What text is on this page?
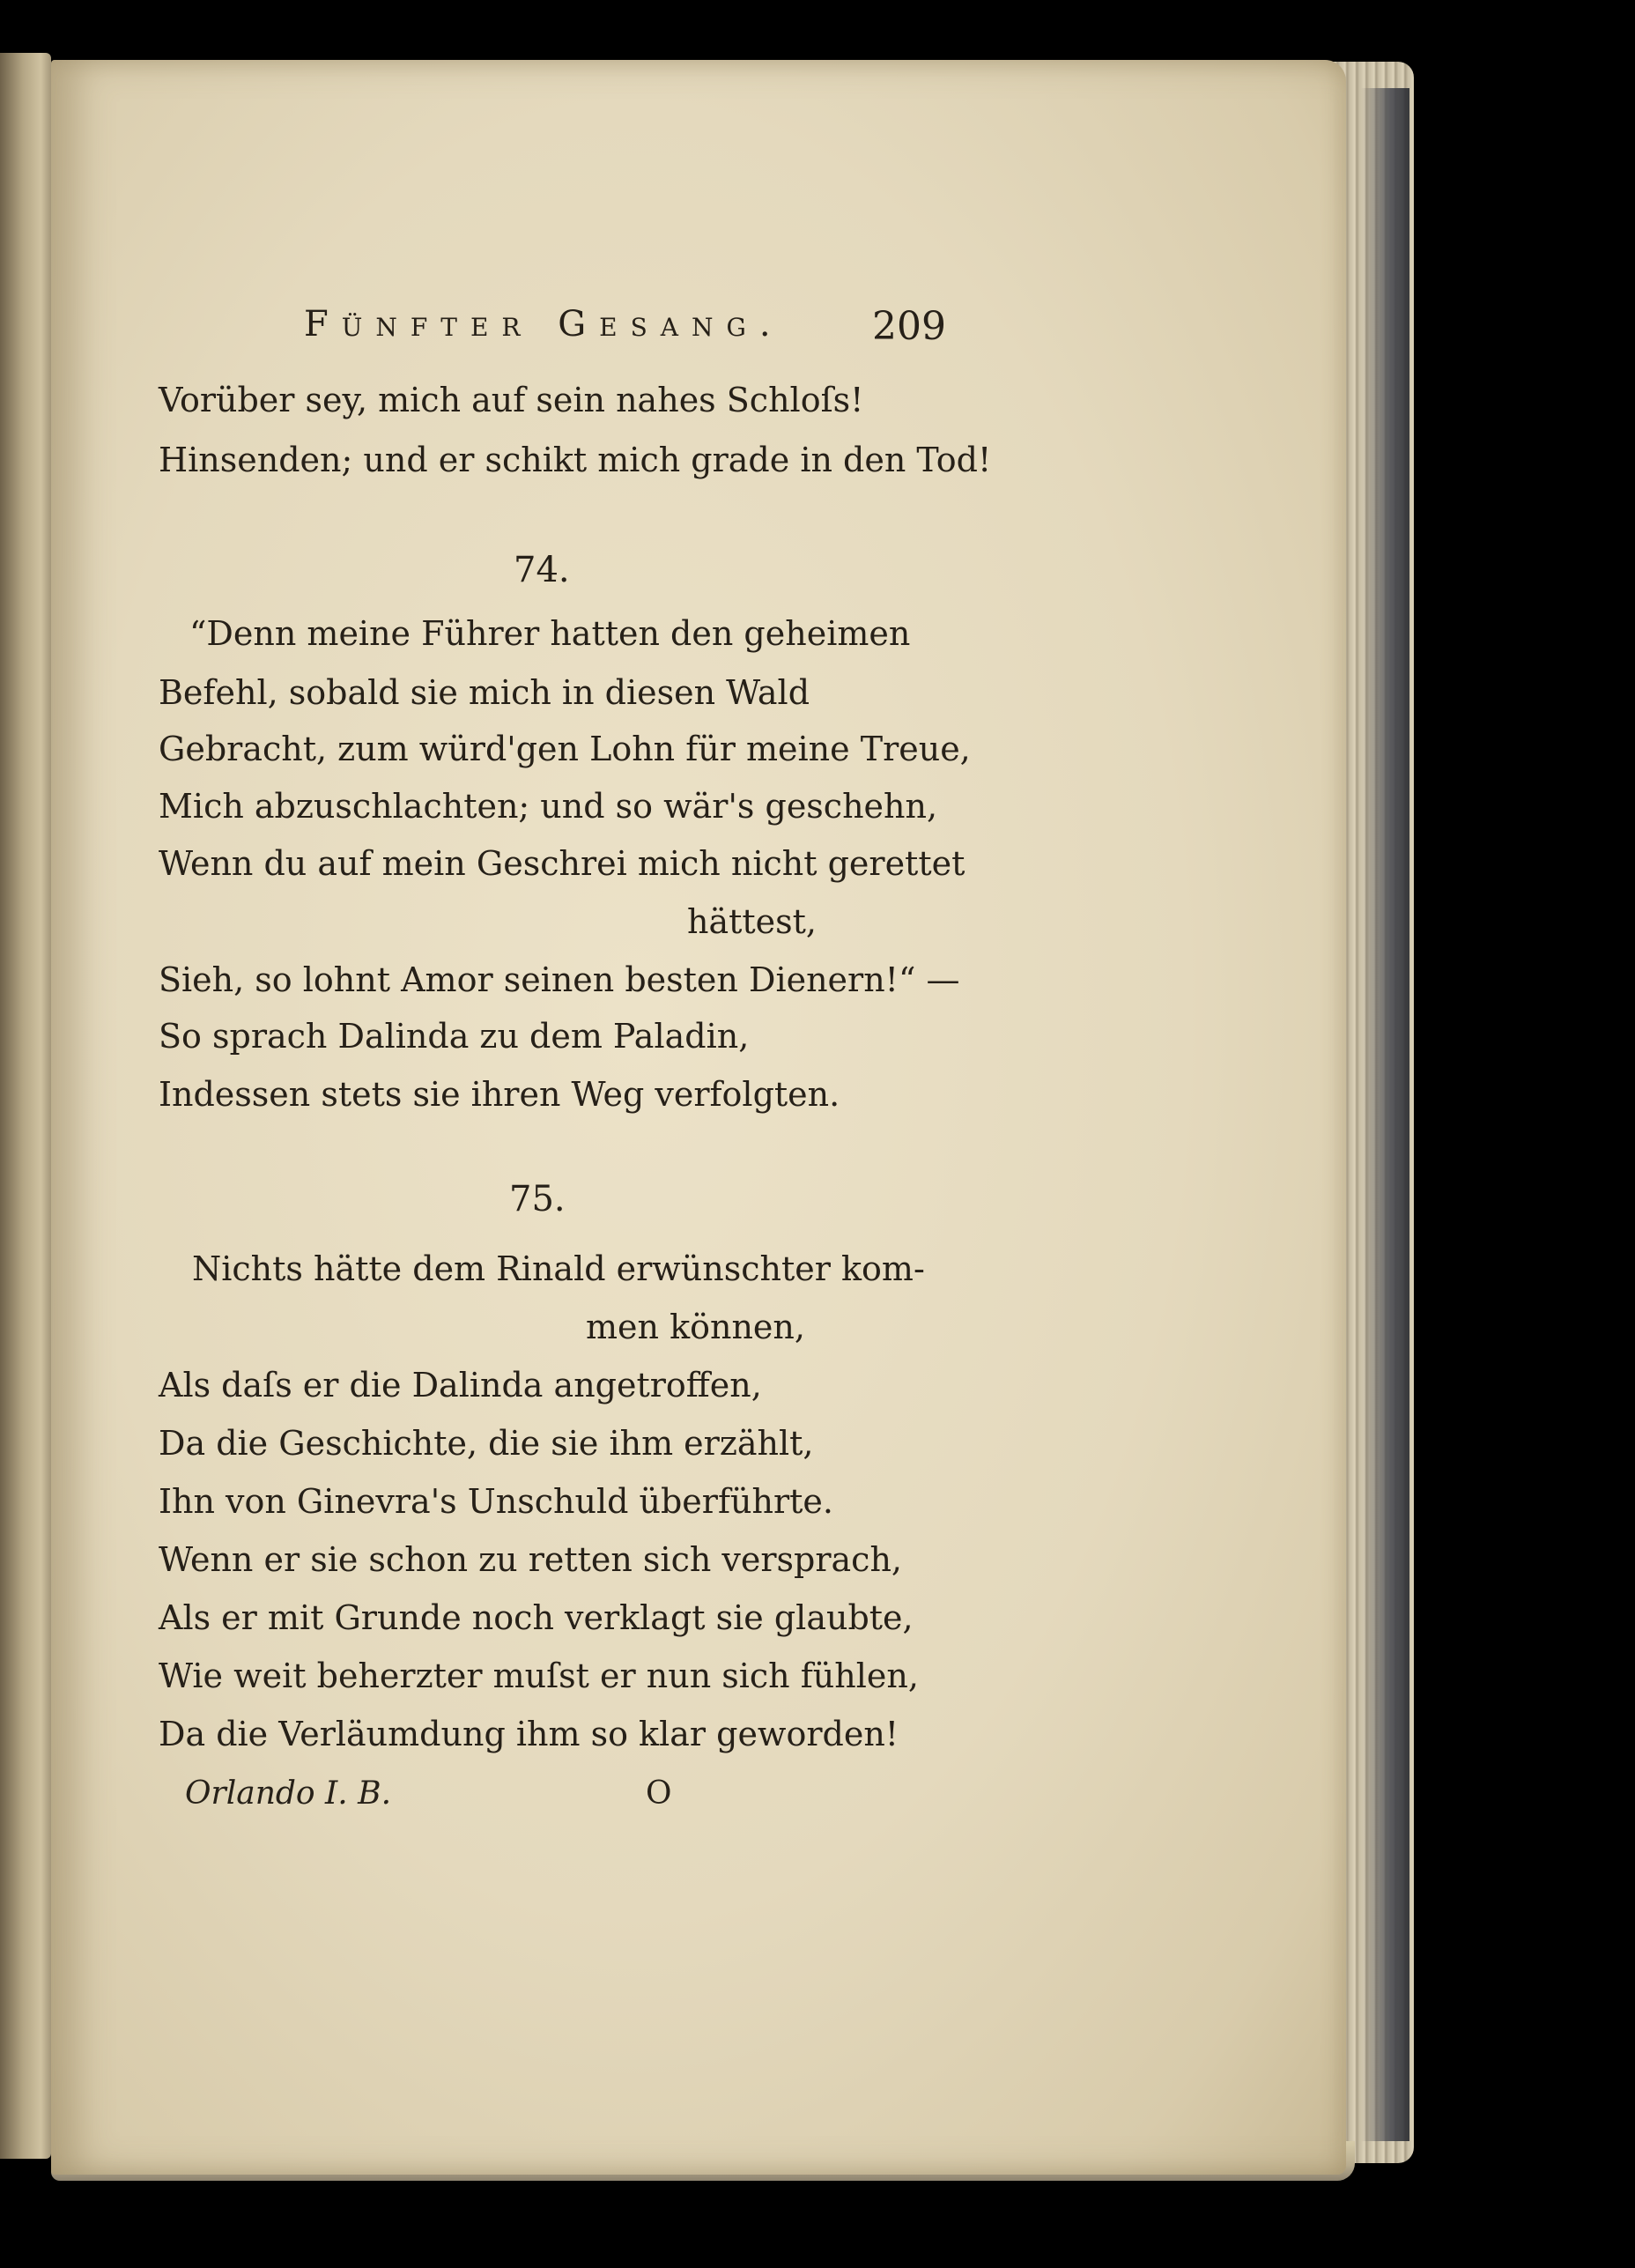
Fünfter Gesang. 209
Vorüber sey, mich auf sein nahes Schloſs!
Hinsenden; und er schikt mich grade in den Tod!
74.
“Denn meine Führer hatten den geheimen
Befehl, sobald sie mich in diesen Wald
Gebracht, zum würd'gen Lohn für meine Treue,
Mich abzuschlachten; und so wär's geschehn,
Wenn du auf mein Geschrei mich nicht gerettet
hättest,
Sieh, so lohnt Amor seinen besten Dienern!“ —
So sprach Dalinda zu dem Paladin,
Indessen stets sie ihren Weg verfolgten.
75.
Nichts hätte dem Rinald erwünschter kom-
men können,
Als daſs er die Dalinda angetroffen,
Da die Geschichte, die sie ihm erzählt,
Ihn von Ginevra's Unschuld überführte.
Wenn er sie schon zu retten sich versprach,
Als er mit Grunde noch verklagt sie glaubte,
Wie weit beherzter muſst er nun sich fühlen,
Da die Verläumdung ihm so klar geworden!
Orlando I. B.	O
